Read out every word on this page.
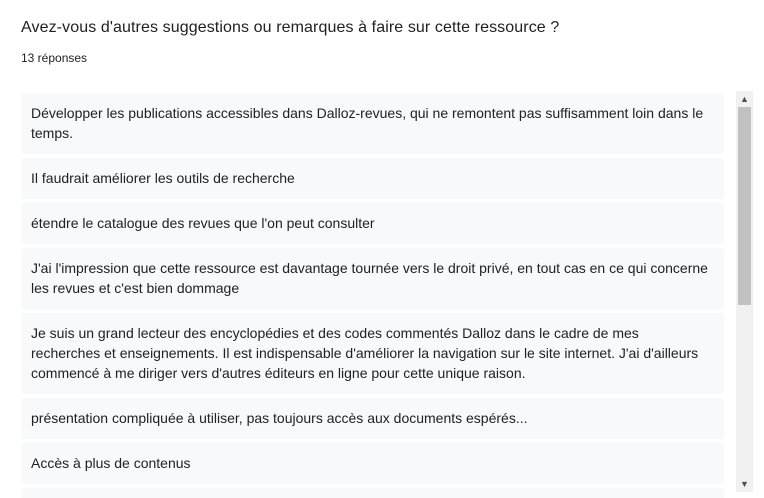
Avez-vous d'autres suggestions ou remarques à faire sur cette ressource ?
13 réponses
Développer les publications accessibles dans Dalloz-revues, qui ne remontent pas suffisamment loin dans le temps.
Il faudrait améliorer les outils de recherche
étendre le catalogue des revues que l'on peut consulter
J'ai l'impression que cette ressource est davantage tournée vers le droit privé, en tout cas en ce qui concerne les revues et c'est bien dommage
Je suis un grand lecteur des encyclopédies et des codes commentés Dalloz dans le cadre de mes recherches et enseignements. Il est indispensable d'améliorer la navigation sur le site internet. J'ai d'ailleurs commencé à me diriger vers d'autres éditeurs en ligne pour cette unique raison.
présentation compliquée à utiliser, pas toujours accès aux documents espérés...
Accès à plus de contenus
▲
▼
